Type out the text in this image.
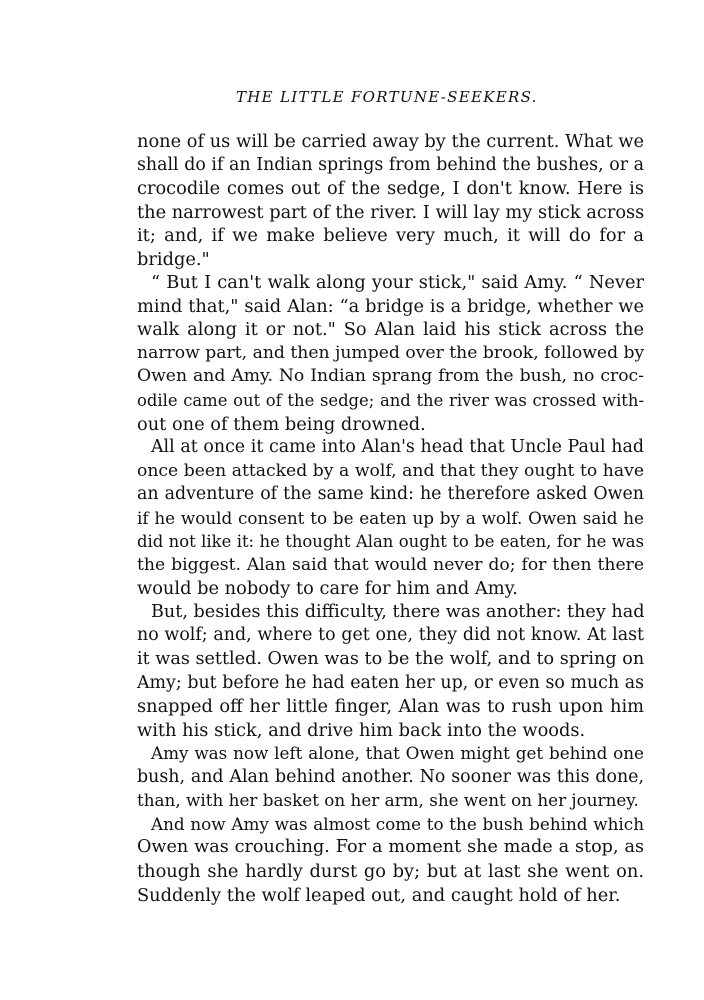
THE LITTLE FORTUNE-SEEKERS.
none of us will be carried away by the current. What we
shall do if an Indian springs from behind the bushes, or a
crocodile comes out of the sedge, I don't know. Here is
the narrowest part of the river. I will lay my stick across
it; and, if we make believe very much, it will do for a
bridge."
“ But I can't walk along your stick," said Amy. “ Never
mind that," said Alan: “a bridge is a bridge, whether we
walk along it or not." So Alan laid his stick across the
narrow part, and then jumped over the brook, followed by
Owen and Amy. No Indian sprang from the bush, no croc-
odile came out of the sedge; and the river was crossed with-
out one of them being drowned.
All at once it came into Alan's head that Uncle Paul had
once been attacked by a wolf, and that they ought to have
an adventure of the same kind: he therefore asked Owen
if he would consent to be eaten up by a wolf. Owen said he
did not like it: he thought Alan ought to be eaten, for he was
the biggest. Alan said that would never do; for then there
would be nobody to care for him and Amy.
But, besides this difficulty, there was another: they had
no wolf; and, where to get one, they did not know. At last
it was settled. Owen was to be the wolf, and to spring on
Amy; but before he had eaten her up, or even so much as
snapped off her little finger, Alan was to rush upon him
with his stick, and drive him back into the woods.
Amy was now left alone, that Owen might get behind one
bush, and Alan behind another. No sooner was this done,
than, with her basket on her arm, she went on her journey.
And now Amy was almost come to the bush behind which
Owen was crouching. For a moment she made a stop, as
though she hardly durst go by; but at last she went on.
Suddenly the wolf leaped out, and caught hold of her.
